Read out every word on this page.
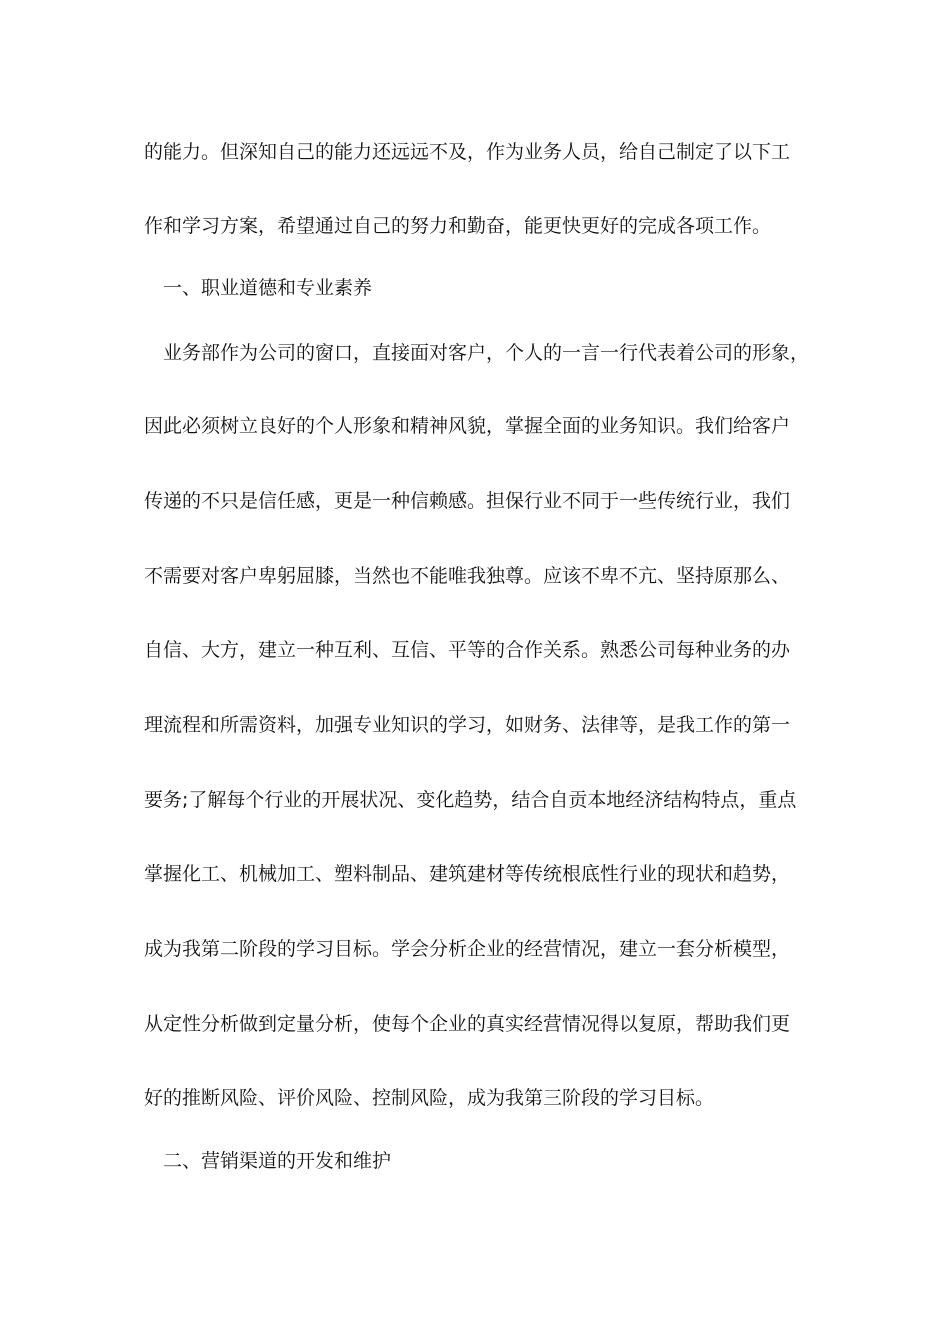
的能力。但深知自己的能力还远远不及，作为业务人员，给自己制定了以下工
作和学习方案，希望通过自己的努力和勤奋，能更快更好的完成各项工作。
一、职业道德和专业素养
业务部作为公司的窗口，直接面对客户，个人的一言一行代表着公司的形象，
因此必须树立良好的个人形象和精神风貌，掌握全面的业务知识。我们给客户
传递的不只是信任感，更是一种信赖感。担保行业不同于一些传统行业，我们
不需要对客户卑躬屈膝，当然也不能唯我独尊。应该不卑不亢、坚持原那么、
自信、大方，建立一种互利、互信、平等的合作关系。熟悉公司每种业务的办
理流程和所需资料，加强专业知识的学习，如财务、法律等，是我工作的第一
要务;了解每个行业的开展状况、变化趋势，结合自贡本地经济结构特点，重点
掌握化工、机械加工、塑料制品、建筑建材等传统根底性行业的现状和趋势，
成为我第二阶段的学习目标。学会分析企业的经营情况，建立一套分析模型，
从定性分析做到定量分析，使每个企业的真实经营情况得以复原，帮助我们更
好的推断风险、评价风险、控制风险，成为我第三阶段的学习目标。
二、营销渠道的开发和维护
